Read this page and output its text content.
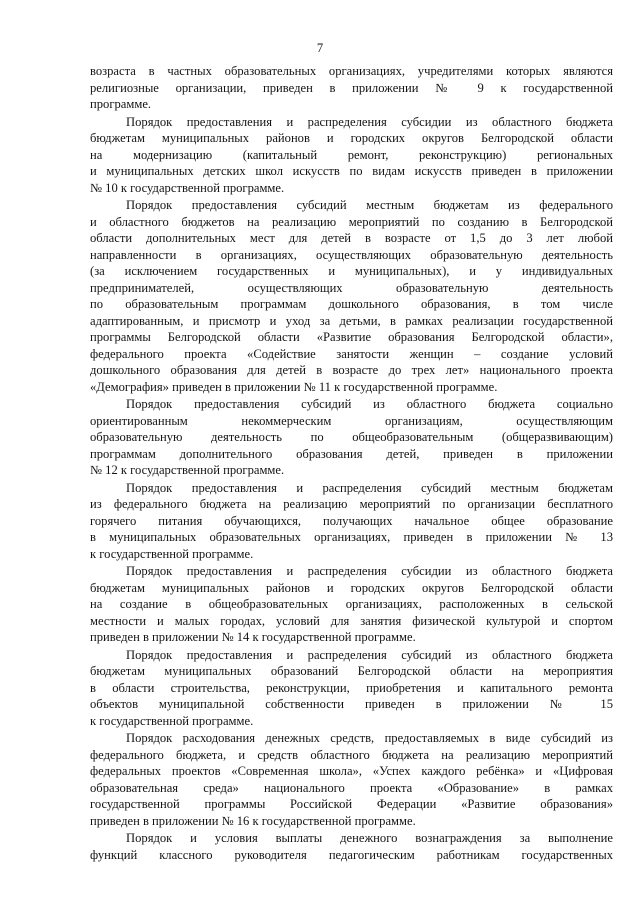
7
возраста в частных образовательных организациях, учредителями которых являются
религиозные организации, приведен в приложении № 9 к государственной
программе.
Порядок предоставления и распределения субсидии из областного бюджета
бюджетам муниципальных районов и городских округов Белгородской области
на модернизацию (капитальный ремонт, реконструкцию) региональных
и муниципальных детских школ искусств по видам искусств приведен в приложении
№ 10 к государственной программе.
Порядок предоставления субсидий местным бюджетам из федерального
и областного бюджетов на реализацию мероприятий по созданию в Белгородской
области дополнительных мест для детей в возрасте от 1,5 до 3 лет любой
направленности в организациях, осуществляющих образовательную деятельность
(за исключением государственных и муниципальных), и у индивидуальных
предпринимателей, осуществляющих образовательную деятельность
по образовательным программам дошкольного образования, в том числе
адаптированным, и присмотр и уход за детьми, в рамках реализации государственной
программы Белгородской области «Развитие образования Белгородской области»,
федерального проекта «Содействие занятости женщин – создание условий
дошкольного образования для детей в возрасте до трех лет» национального проекта
«Демография» приведен в приложении № 11 к государственной программе.
Порядок предоставления субсидий из областного бюджета социально
ориентированным некоммерческим организациям, осуществляющим
образовательную деятельность по общеобразовательным (общеразвивающим)
программам дополнительного образования детей, приведен в приложении
№ 12 к государственной программе.
Порядок предоставления и распределения субсидий местным бюджетам
из федерального бюджета на реализацию мероприятий по организации бесплатного
горячего питания обучающихся, получающих начальное общее образование
в муниципальных образовательных организациях, приведен в приложении № 13
к государственной программе.
Порядок предоставления и распределения субсидии из областного бюджета
бюджетам муниципальных районов и городских округов Белгородской области
на создание в общеобразовательных организациях, расположенных в сельской
местности и малых городах, условий для занятия физической культурой и спортом
приведен в приложении № 14 к государственной программе.
Порядок предоставления и распределения субсидий из областного бюджета
бюджетам муниципальных образований Белгородской области на мероприятия
в области строительства, реконструкции, приобретения и капитального ремонта
объектов муниципальной собственности приведен в приложении № 15
к государственной программе.
Порядок расходования денежных средств, предоставляемых в виде субсидий из
федерального бюджета, и средств областного бюджета на реализацию мероприятий
федеральных проектов «Современная школа», «Успех каждого ребёнка» и «Цифровая
образовательная среда» национального проекта «Образование» в рамках
государственной программы Российской Федерации «Развитие образования»
приведен в приложении № 16 к государственной программе.
Порядок и условия выплаты денежного вознаграждения за выполнение
функций классного руководителя педагогическим работникам государственных
